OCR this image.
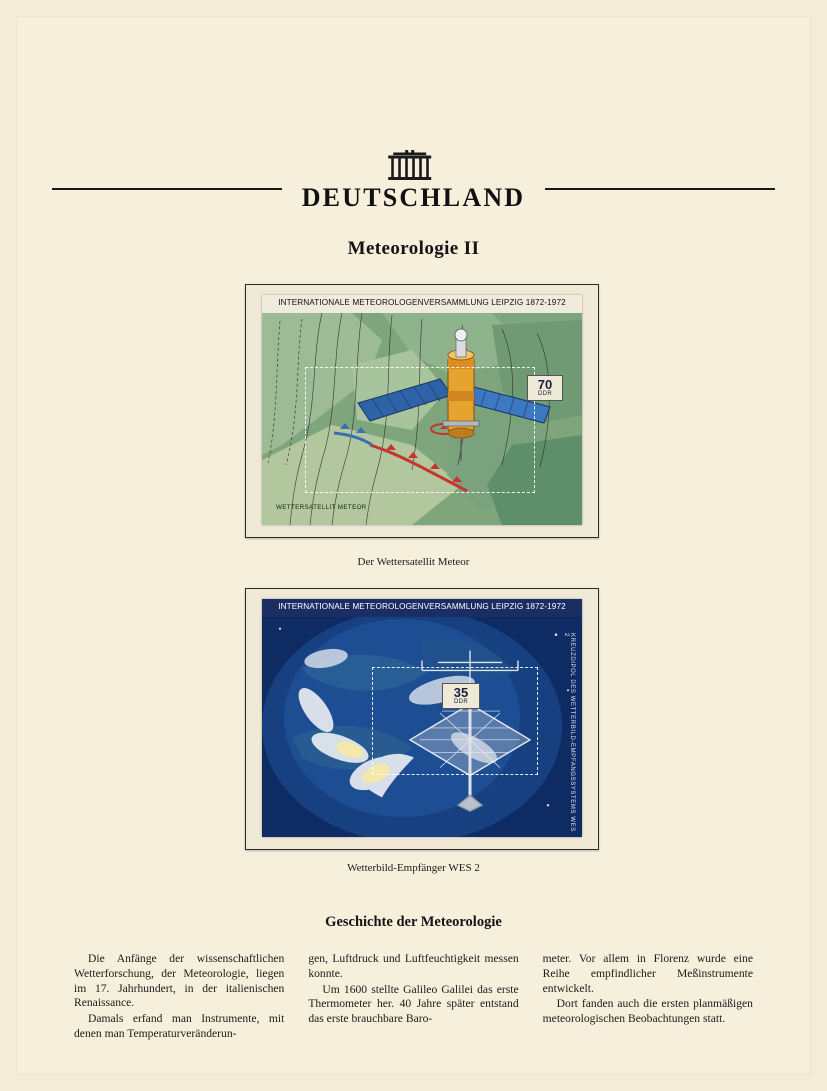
DEUTSCHLAND
Meteorologie II
70
DDR
INTERNATIONALE METEOROLOGENVERSAMMLUNG LEIPZIG 1872-1972
WETTERSATELLIT METEOR
Der Wettersatellit Meteor
INTERNATIONALE METEOROLOGENVERSAMMLUNG LEIPZIG 1872-1972
KREUZDIPOL DES WETTERBILD-EMPFANGSSYSTEMS WES 2
35
DDR
Wetterbild-Empfänger WES 2
Geschichte der Meteorologie

Die Anfänge der wissenschaftlichen Wetterforschung, der Meteorologie, liegen im 17. Jahrhundert, in der italienischen Renaissance.

Damals erfand man Instrumente, mit denen man Temperaturveränderun-

gen, Luftdruck und Luftfeuchtigkeit messen konnte.

Um 1600 stellte Galileo Galilei das erste Thermometer her. 40 Jahre später entstand das erste brauchbare Baro-

meter. Vor allem in Florenz wurde eine Reihe empfindlicher Meßinstrumente entwickelt.

Dort fanden auch die ersten planmäßigen meteorologischen Beobachtungen statt.
